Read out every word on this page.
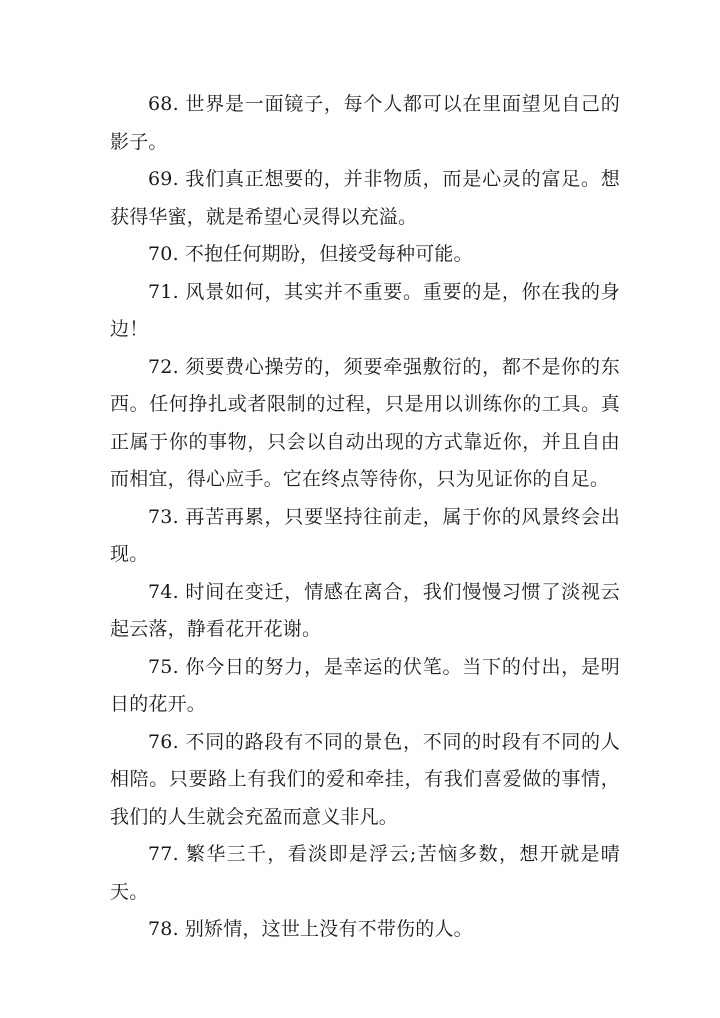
68. 世界是一面镜子，每个人都可以在里面望见自己的影子。

69. 我们真正想要的，并非物质，而是心灵的富足。想获得华蜜，就是希望心灵得以充溢。

70. 不抱任何期盼，但接受每种可能。

71. 风景如何，其实并不重要。重要的是，你在我的身边！

72. 须要费心操劳的，须要牵强敷衍的，都不是你的东西。任何挣扎或者限制的过程，只是用以训练你的工具。真正属于你的事物，只会以自动出现的方式靠近你，并且自由而相宜，得心应手。它在终点等待你，只为见证你的自足。

73. 再苦再累，只要坚持往前走，属于你的风景终会出现。

74. 时间在变迁，情感在离合，我们慢慢习惯了淡视云起云落，静看花开花谢。

75. 你今日的努力，是幸运的伏笔。当下的付出，是明日的花开。

76. 不同的路段有不同的景色，不同的时段有不同的人相陪。只要路上有我们的爱和牵挂，有我们喜爱做的事情，我们的人生就会充盈而意义非凡。

77. 繁华三千，看淡即是浮云;苦恼多数，想开就是晴天。

78. 别矫情，这世上没有不带伤的人。
